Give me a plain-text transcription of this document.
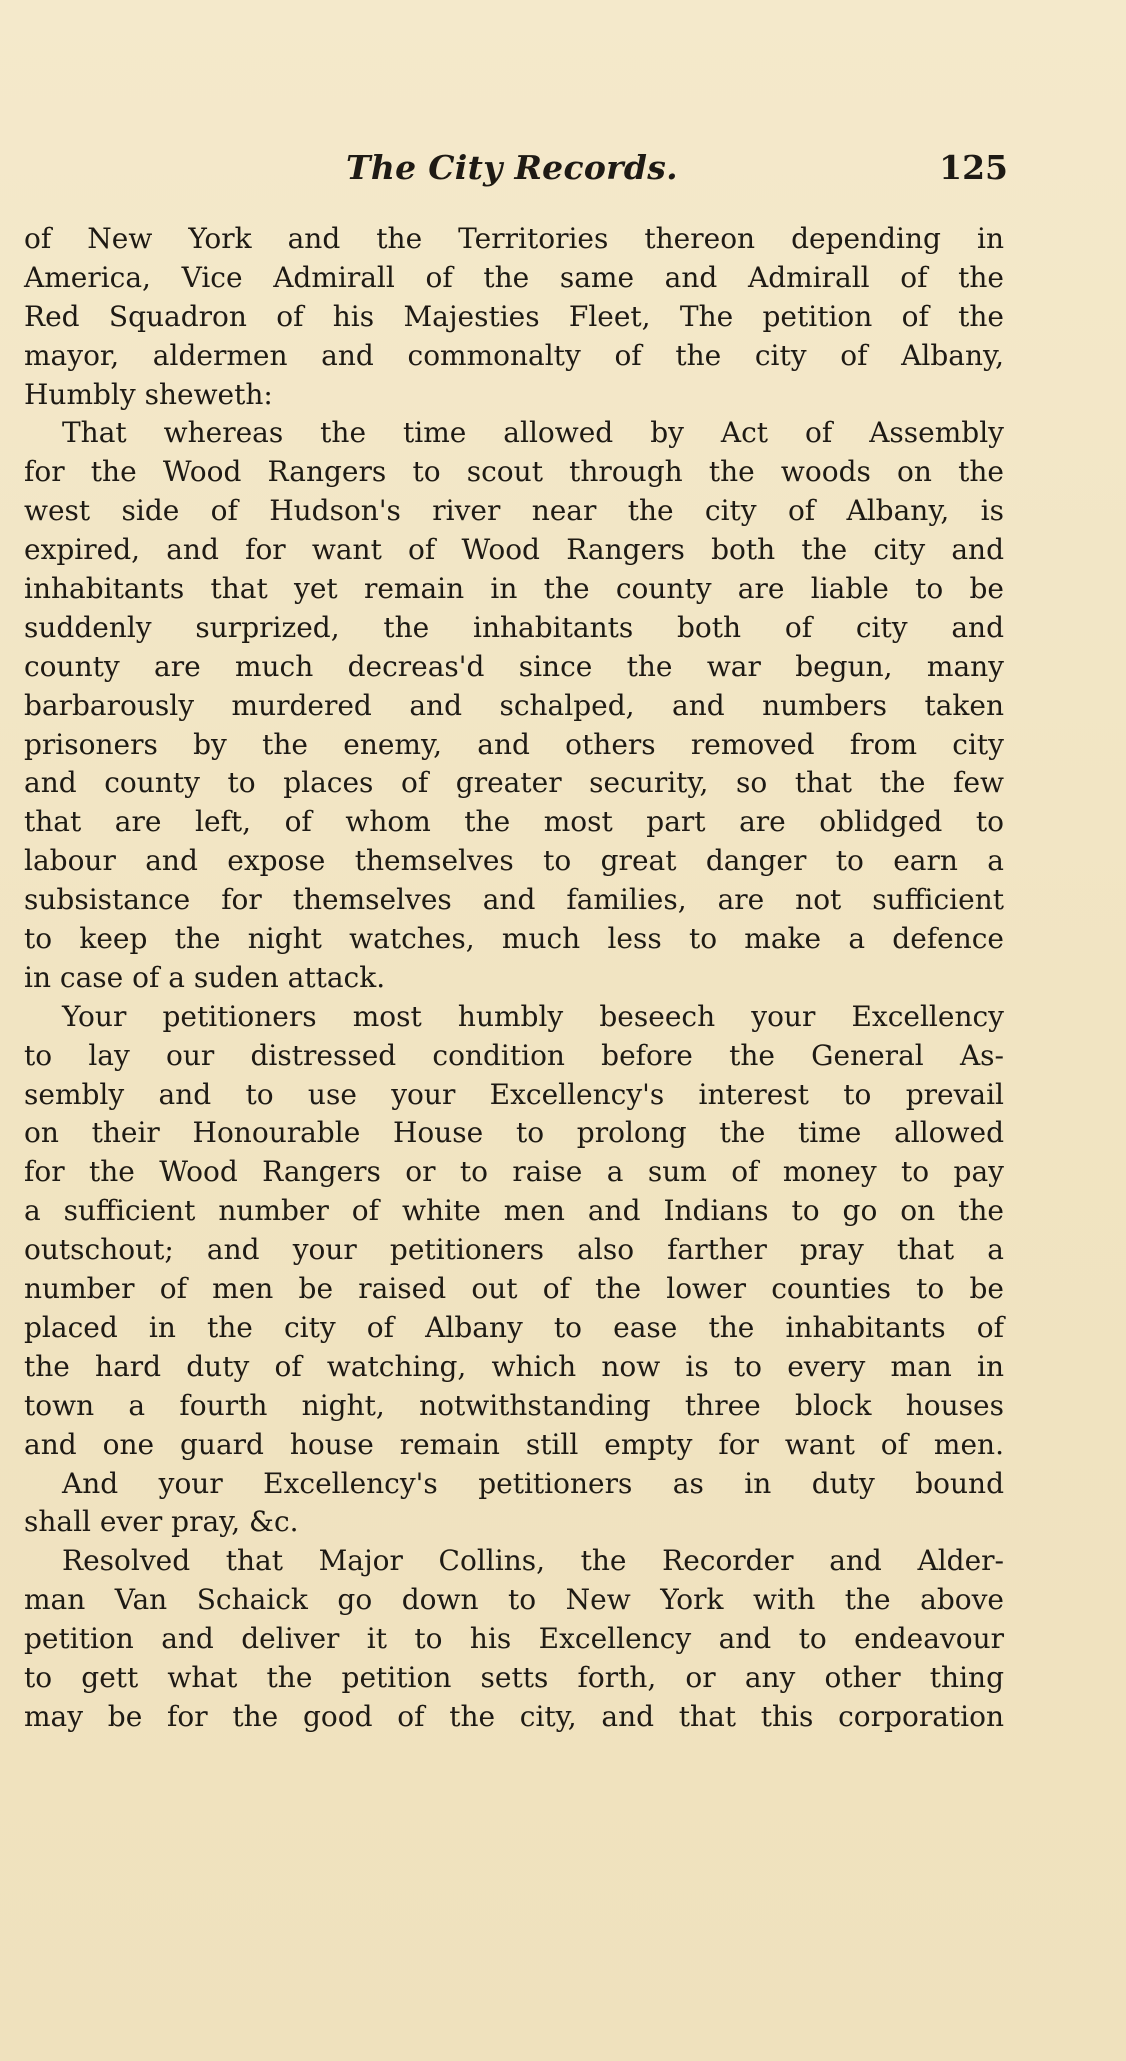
The City Records.	125
of New York and the Territories thereon depending in
America, Vice Admirall of the same and Admirall of the
Red Squadron of his Majesties Fleet, The petition of the
mayor, aldermen and commonalty of the city of Albany,
Humbly sheweth:
That whereas the time allowed by Act of Assembly
for the Wood Rangers to scout through the woods on the
west side of Hudson's river near the city of Albany, is
expired, and for want of Wood Rangers both the city and
inhabitants that yet remain in the county are liable to be
suddenly surprized, the inhabitants both of city and
county are much decreas'd since the war begun, many
barbarously murdered and schalped, and numbers taken
prisoners by the enemy, and others removed from city
and county to places of greater security, so that the few
that are left, of whom the most part are oblidged to
labour and expose themselves to great danger to earn a
subsistance for themselves and families, are not sufficient
to keep the night watches, much less to make a defence
in case of a suden attack.
Your petitioners most humbly beseech your Excellency
to lay our distressed condition before the General As-
sembly and to use your Excellency's interest to prevail
on their Honourable House to prolong the time allowed
for the Wood Rangers or to raise a sum of money to pay
a sufficient number of white men and Indians to go on the
outschout; and your petitioners also farther pray that a
number of men be raised out of the lower counties to be
placed in the city of Albany to ease the inhabitants of
the hard duty of watching, which now is to every man in
town a fourth night, notwithstanding three block houses
and one guard house remain still empty for want of men.
And your Excellency's petitioners as in duty bound
shall ever pray, &c.
Resolved that Major Collins, the Recorder and Alder-
man Van Schaick go down to New York with the above
petition and deliver it to his Excellency and to endeavour
to gett what the petition setts forth, or any other thing
may be for the good of the city, and that this corporation
